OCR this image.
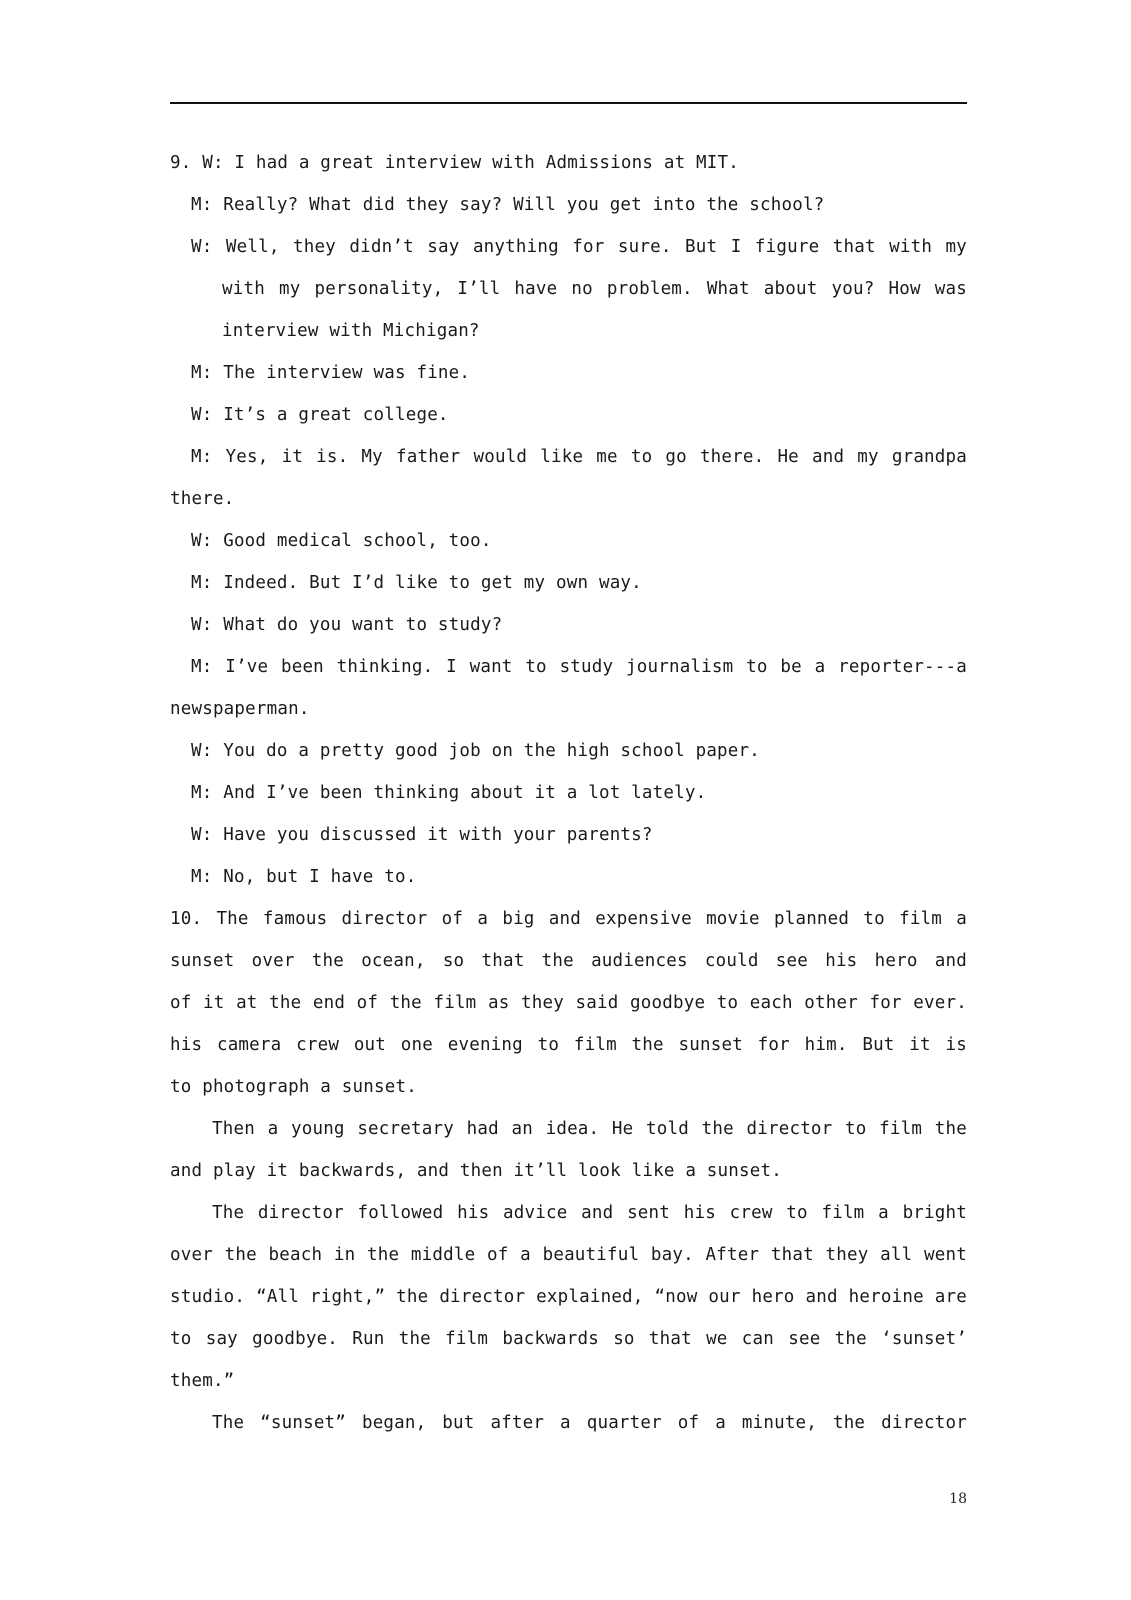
9. W: I had a great interview with Admissions at MIT.
M: Really? What did they say? Will you get into the school?
W: Well, they didn’t say anything for sure. But I figure that with my
with my personality, I’ll have no problem. What about you? How was
interview with Michigan?
M: The interview was fine.
W: It’s a great college.
M: Yes, it is. My father would like me to go there. He and my grandpa
there.
W: Good medical school, too.
M: Indeed. But I’d like to get my own way.
W: What do you want to study?
M: I’ve been thinking. I want to study journalism to be a reporter---a
newspaperman.
W: You do a pretty good job on the high school paper.
M: And I’ve been thinking about it a lot lately.
W: Have you discussed it with your parents?
M: No, but I have to.
10. The famous director of a big and expensive movie planned to film a
sunset over the ocean, so that the audiences could see his hero and
of it at the end of the film as they said goodbye to each other for ever.
his camera crew out one evening to film the sunset for him. But it is
to photograph a sunset.
Then a young secretary had an idea. He told the director to film the
and play it backwards, and then it’ll look like a sunset.
The director followed his advice and sent his crew to film a bright
over the beach in the middle of a beautiful bay. After that they all went
studio. “All right,” the director explained, “now our hero and heroine are
to say goodbye. Run the film backwards so that we can see the ‘sunset’
them.”
The “sunset” began, but after a quarter of a minute, the director
18
